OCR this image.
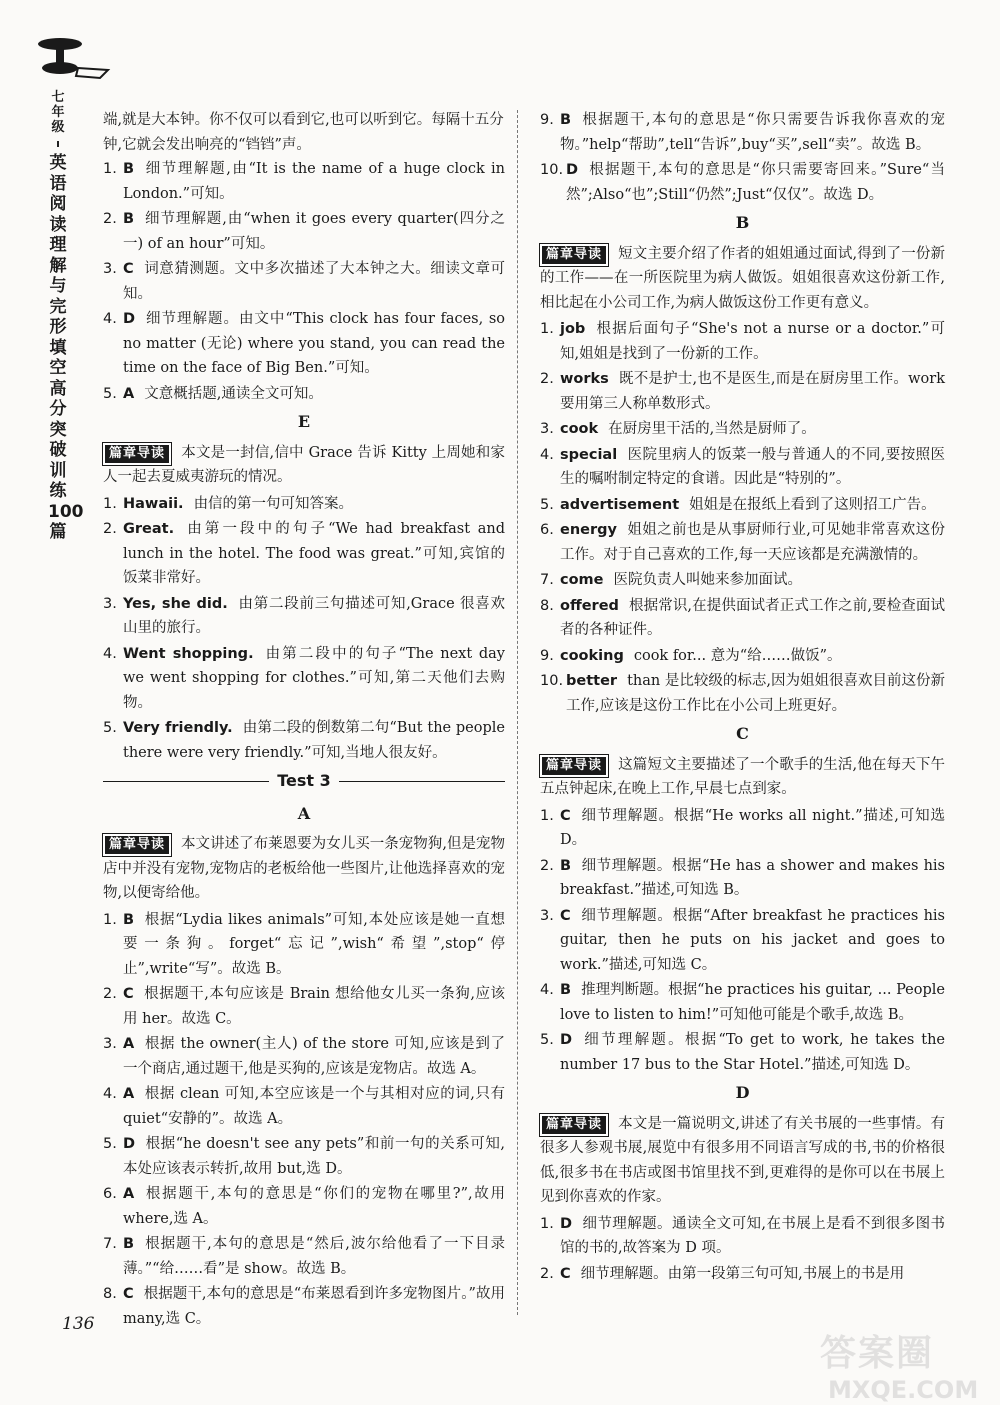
七年级
英语阅读理解与完形填空高分突破训练100篇

端,就是大本钟。你不仅可以看到它,也可以听到它。每隔十五分钟,它就会发出响亮的“铛铛”声。

1. B 细节理解题,由“It is the name of a huge clock in London.”可知。
2. B 细节理解题,由“when it goes every quarter(四分之一) of an hour”可知。
3. C 词意猜测题。文中多次描述了大本钟之大。细读文章可知。
4. D 细节理解题。由文中“This clock has four faces, so no matter (无论) where you stand, you can read the time on the face of Big Ben.”可知。
5. A 文意概括题,通读全文可知。
E
篇章导读 本文是一封信,信中 Grace 告诉 Kitty 上周她和家人一起去夏威夷游玩的情况。
1. Hawaii. 由信的第一句可知答案。
2. Great. 由第一段中的句子“We had breakfast and lunch in the hotel. The food was great.”可知,宾馆的饭菜非常好。
3. Yes, she did. 由第二段前三句描述可知,Grace 很喜欢山里的旅行。
4. Went shopping. 由第二段中的句子“The next day we went shopping for clothes.”可知,第二天他们去购物。
5. Very friendly. 由第二段的倒数第二句“But the people there were very friendly.”可知,当地人很友好。
Test 3
A
篇章导读 本文讲述了布莱恩要为女儿买一条宠物狗,但是宠物店中并没有宠物,宠物店的老板给他一些图片,让他选择喜欢的宠物,以便寄给他。
1. B 根据“Lydia likes animals”可知,本处应该是她一直想要一条狗。forget“忘记”,wish“希望”,stop“停止”,write“写”。故选 B。
2. C 根据题干,本句应该是 Brain 想给他女儿买一条狗,应该用 her。故选 C。
3. A 根据 the owner(主人) of the store 可知,应该是到了一个商店,通过题干,他是买狗的,应该是宠物店。故选 A。
4. A 根据 clean 可知,本空应该是一个与其相对应的词,只有 quiet“安静的”。故选 A。
5. D 根据“he doesn't see any pets”和前一句的关系可知,本处应该表示转折,故用 but,选 D。
6. A 根据题干,本句的意思是“你们的宠物在哪里?”,故用 where,选 A。
7. B 根据题干,本句的意思是“然后,波尔给他看了一下目录薄。”“给……看”是 show。故选 B。
8. C 根据题干,本句的意思是“布莱恩看到许多宠物图片。”故用 many,选 C。
9. B 根据题干,本句的意思是“你只需要告诉我你喜欢的宠物。”help“帮助”,tell“告诉”,buy“买”,sell“卖”。故选 B。
10. D 根据题干,本句的意思是“你只需要寄回来。”Sure“当然”;Also“也”;Still“仍然”;Just“仅仅”。故选 D。
B
篇章导读 短文主要介绍了作者的姐姐通过面试,得到了一份新的工作——在一所医院里为病人做饭。姐姐很喜欢这份新工作,相比起在小公司工作,为病人做饭这份工作更有意义。
1. job 根据后面句子“She's not a nurse or a doctor.”可知,姐姐是找到了一份新的工作。
2. works 既不是护士,也不是医生,而是在厨房里工作。work 要用第三人称单数形式。
3. cook 在厨房里干活的,当然是厨师了。
4. special 医院里病人的饭菜一般与普通人的不同,要按照医生的嘱咐制定特定的食谱。因此是“特别的”。
5. advertisement 姐姐是在报纸上看到了这则招工广告。
6. energy 姐姐之前也是从事厨师行业,可见她非常喜欢这份工作。对于自己喜欢的工作,每一天应该都是充满激情的。
7. come 医院负责人叫她来参加面试。
8. offered 根据常识,在提供面试者正式工作之前,要检查面试者的各种证件。
9. cooking cook for... 意为“给……做饭”。
10. better than 是比较级的标志,因为姐姐很喜欢目前这份新工作,应该是这份工作比在小公司上班更好。
C
篇章导读 这篇短文主要描述了一个歌手的生活,他在每天下午五点钟起床,在晚上工作,早晨七点到家。
1. C 细节理解题。根据“He works all night.”描述,可知选 D。
2. B 细节理解题。根据“He has a shower and makes his breakfast.”描述,可知选 B。
3. C 细节理解题。根据“After breakfast he practices his guitar, then he puts on his jacket and goes to work.”描述,可知选 C。
4. B 推理判断题。根据“he practices his guitar, ... People love to listen to him!”可知他可能是个歌手,故选 B。
5. D 细节理解题。根据“To get to work, he takes the number 17 bus to the Star Hotel.”描述,可知选 D。
D
篇章导读 本文是一篇说明文,讲述了有关书展的一些事情。有很多人参观书展,展览中有很多用不同语言写成的书,书的价格很低,很多书在书店或图书馆里找不到,更难得的是你可以在书展上见到你喜欢的作家。
1. D 细节理解题。通读全文可知,在书展上是看不到很多图书馆的书的,故答案为 D 项。
2. C 细节理解题。由第一段第三句可知,书展上的书是用
136
答案圈
MXQE.COM
